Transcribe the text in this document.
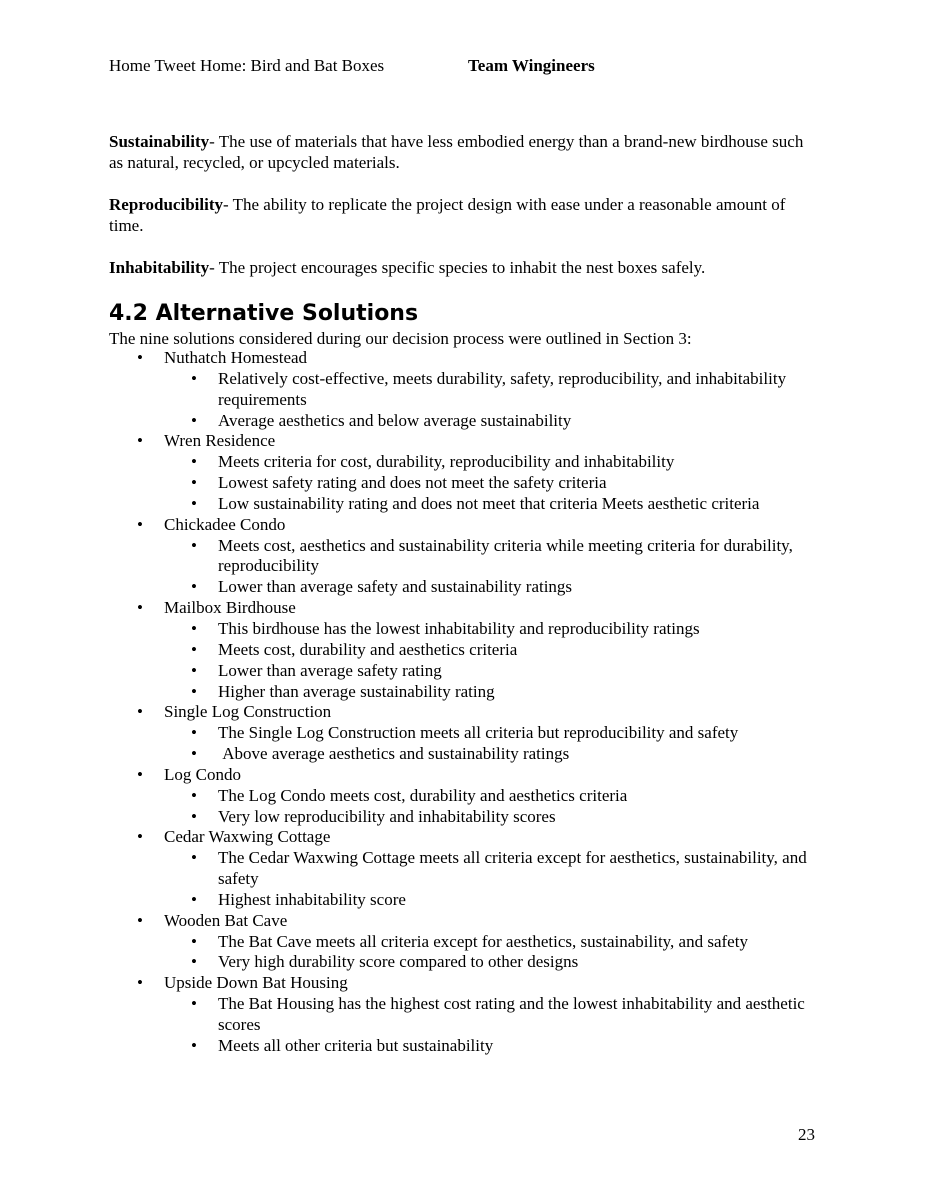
Home Tweet Home: Bird and Bat Boxes	Team Wingineers

Sustainability- The use of materials that have less embodied energy than a brand-new birdhouse such as natural, recycled, or upcycled materials.

Reproducibility- The ability to replicate the project design with ease under a reasonable amount of time.

Inhabitability- The project encourages specific species to inhabit the nest boxes safely.

4.2 Alternative Solutions
The nine solutions considered during our decision process were outlined in Section 3:
• Nuthatch Homestead
• Relatively cost-effective, meets durability, safety, reproducibility, and inhabitability requirements
• Average aesthetics and below average sustainability
• Wren Residence
• Meets criteria for cost, durability, reproducibility and inhabitability
• Lowest safety rating and does not meet the safety criteria
• Low sustainability rating and does not meet that criteria Meets aesthetic criteria
• Chickadee Condo
• Meets cost, aesthetics and sustainability criteria while meeting criteria for durability, reproducibility
• Lower than average safety and sustainability ratings
• Mailbox Birdhouse
• This birdhouse has the lowest inhabitability and reproducibility ratings
• Meets cost, durability and aesthetics criteria
• Lower than average safety rating
• Higher than average sustainability rating
• Single Log Construction
• The Single Log Construction meets all criteria but reproducibility and safety
• Above average aesthetics and sustainability ratings
• Log Condo
• The Log Condo meets cost, durability and aesthetics criteria
• Very low reproducibility and inhabitability scores
• Cedar Waxwing Cottage
• The Cedar Waxwing Cottage meets all criteria except for aesthetics, sustainability, and safety
• Highest inhabitability score
• Wooden Bat Cave
• The Bat Cave meets all criteria except for aesthetics, sustainability, and safety
• Very high durability score compared to other designs
• Upside Down Bat Housing
• The Bat Housing has the highest cost rating and the lowest inhabitability and aesthetic scores
• Meets all other criteria but sustainability
23
